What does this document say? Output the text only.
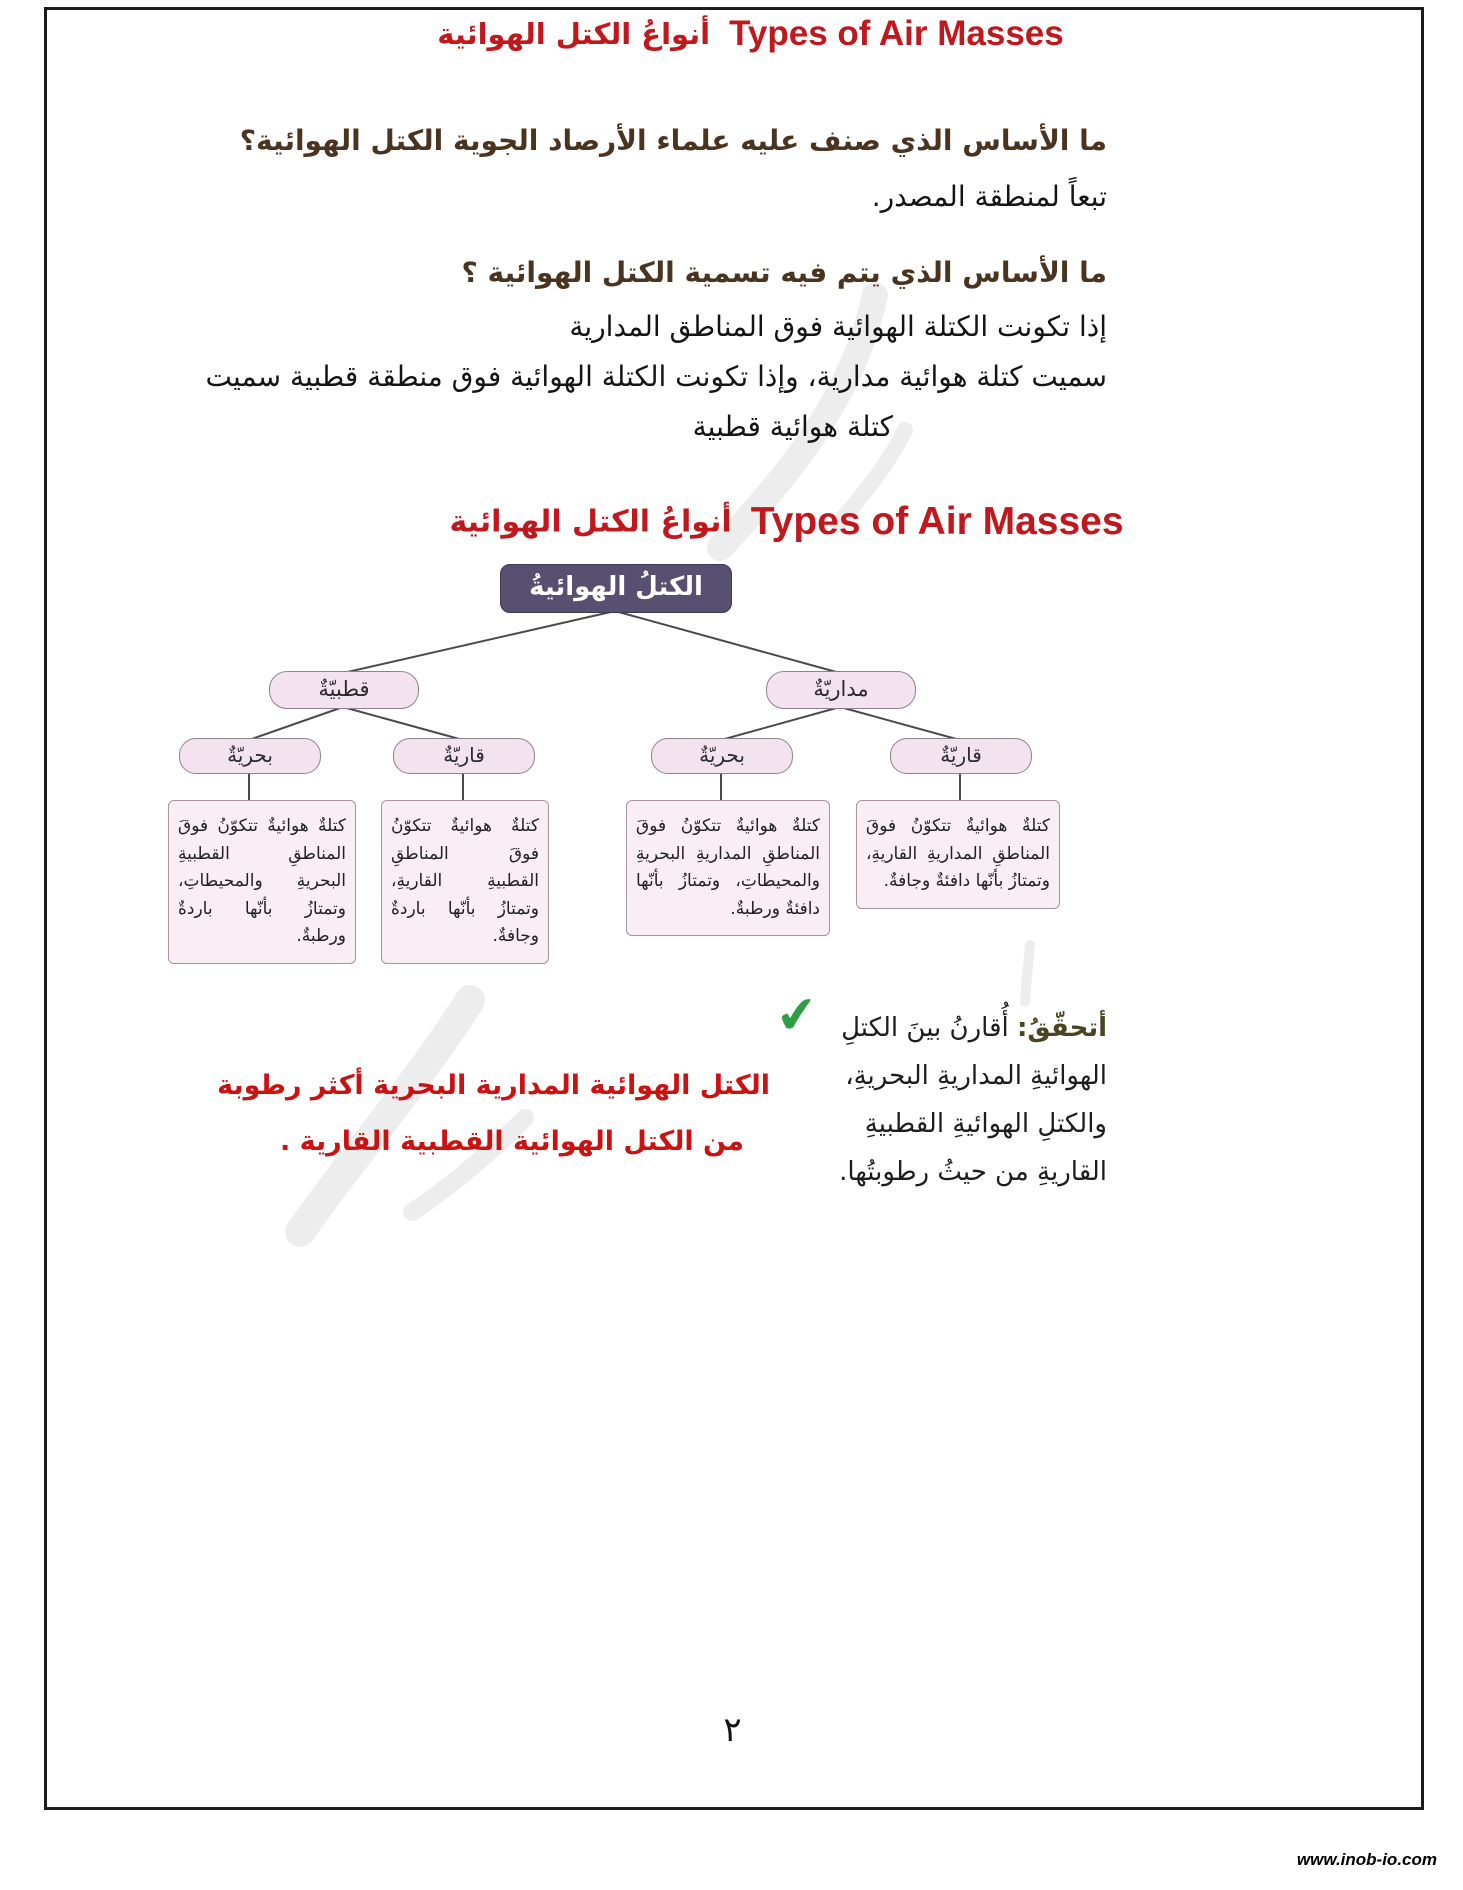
أنواعُ الكتل الهوائية Types of Air Masses
ما الأساس الذي صنف عليه علماء الأرصاد الجوية الكتل الهوائية؟
تبعاً لمنطقة المصدر.
ما الأساس الذي يتم فيه تسمية الكتل الهوائية ؟
إذا تكونت الكتلة الهوائية فوق المناطق المدارية
سميت كتلة هوائية مدارية، وإذا تكونت الكتلة الهوائية فوق منطقة قطبية سميت
كتلة هوائية قطبية
أنواعُ الكتل الهوائية Types of Air Masses
الكتلُ الهوائيةُ
قطبيّةٌ	مداريّةٌ
بحريّةٌ	قاريّةٌ	بحريّةٌ	قاريّةٌ
كتلةٌ هوائيةٌ تتكوّنُ فوقَ المناطقِ القطبيةِ البحريةِ والمحيطاتِ، وتمتازُ بأنّها باردةٌ ورطبةٌ.
كتلةٌ هوائيةٌ تتكوّنُ فوقَ المناطقِ القطبيةِ القاريةِ، وتمتازُ بأنّها باردةٌ وجافةٌ.
كتلةٌ هوائيةٌ تتكوّنُ فوقَ المناطقِ المداريةِ البحريةِ والمحيطاتِ، وتمتازُ بأنّها دافئةٌ ورطبةٌ.
كتلةٌ هوائيةٌ تتكوّنُ فوقَ المناطقِ المداريةِ القاريةِ، وتمتازُ بأنّها دافئةٌ وجافةٌ.
✔	أتحقّقُ: أُقارنُ بينَ الكتلِ
الهوائيةِ المداريةِ البحريةِ،
والكتلِ الهوائيةِ القطبيةِ
القاريةِ من حيثُ رطوبتُها.
الكتل الهوائية المدارية البحرية أكثر رطوبة
من الكتل الهوائية القطبية القارية .
٢
www.inob-io.com
